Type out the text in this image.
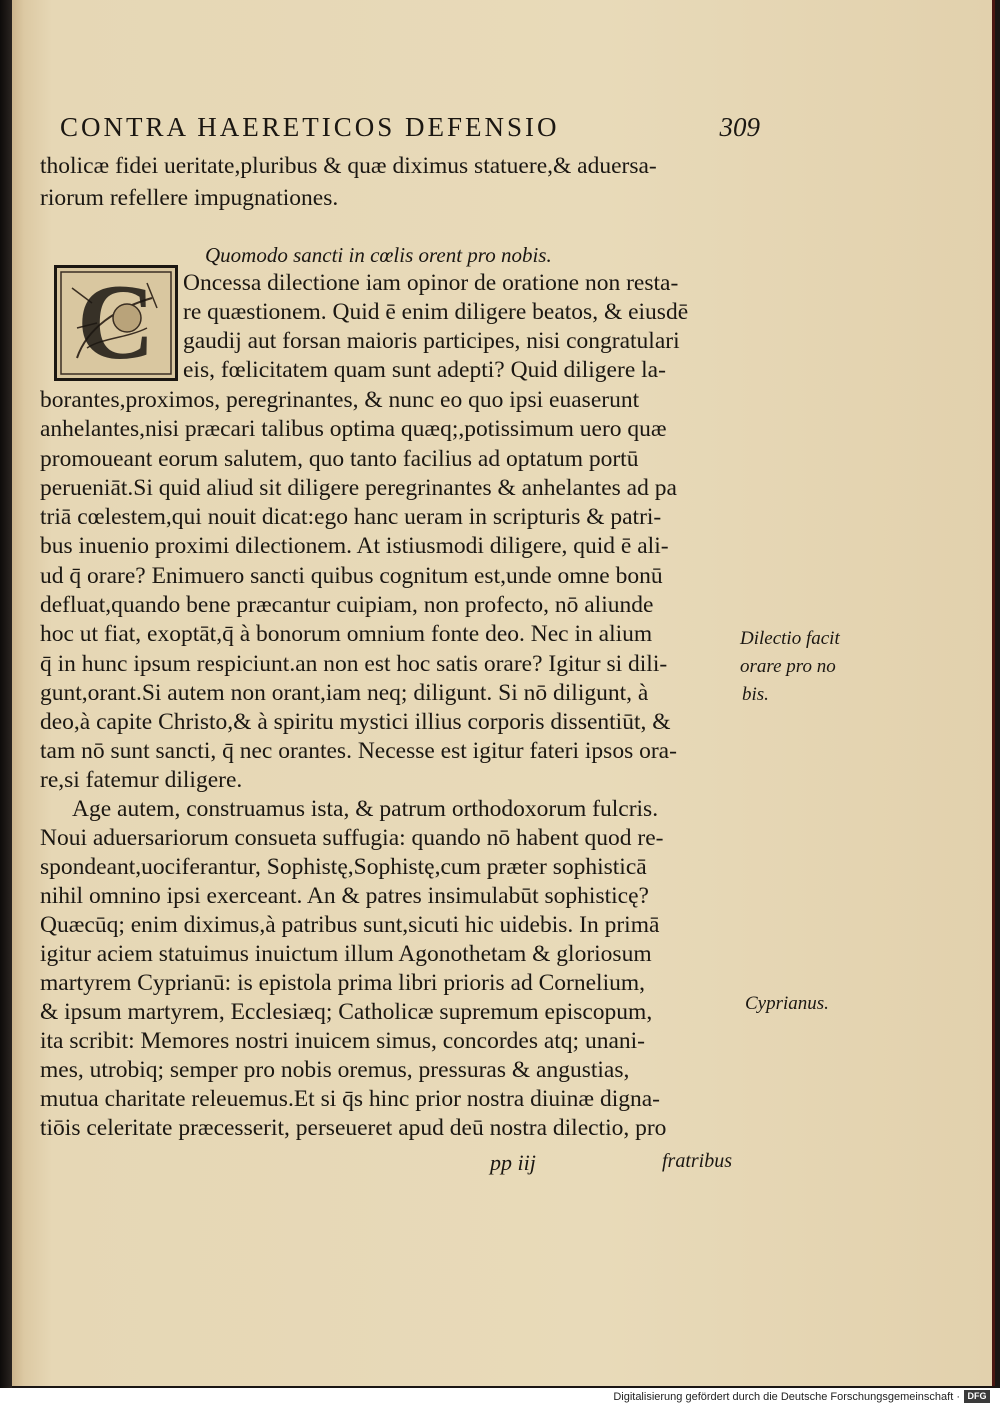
CONTRA HAERETICOS DEFENSIO	309
tholicæ fidei ueritate,pluribus & quæ diximus statuere,& aduersa-
riorum refellere impugnationes.
Quomodo sancti in cœlis orent pro nobis.
C	Oncessa dilectione iam opinor de oratione non resta-
re quæstionem. Quid ē enim diligere beatos, & eiusdē
gaudij aut forsan maioris participes, nisi congratulari
eis, fœlicitatem quam sunt adepti? Quid diligere la-
borantes,proximos, peregrinantes, & nunc eo quo ipsi euaserunt
anhelantes,nisi præcari talibus optima quæq;,potissimum uero quæ
promoueant eorum salutem, quo tanto facilius ad optatum portū
perueniāt.Si quid aliud sit diligere peregrinantes & anhelantes ad pa
triā cœlestem,qui nouit dicat:ego hanc ueram in scripturis & patri-
bus inuenio proximi dilectionem. At istiusmodi diligere, quid ē ali-
ud q̄ orare? Enimuero sancti quibus cognitum est,unde omne bonū
defluat,quando bene præcantur cuipiam, non profecto, nō aliunde
hoc ut fiat, exoptāt,q̄ à bonorum omnium fonte deo. Nec in alium
q̄ in hunc ipsum respiciunt.an non est hoc satis orare? Igitur si dili-
gunt,orant.Si autem non orant,iam neq; diligunt. Si nō diligunt, à
deo,à capite Christo,& à spiritu mystici illius corporis dissentiūt, &
tam nō sunt sancti, q̄ nec orantes. Necesse est igitur fateri ipsos ora-
re,si fatemur diligere.
Age autem, construamus ista, & patrum orthodoxorum fulcris.
Noui aduersariorum consueta suffugia: quando nō habent quod re-
spondeant,uociferantur, Sophistę,Sophistę,cum præter sophisticā
nihil omnino ipsi exerceant. An & patres insimulabūt sophisticę?
Quæcūq; enim diximus,à patribus sunt,sicuti hic uidebis. In primā
igitur aciem statuimus inuictum illum Agonothetam & gloriosum
martyrem Cyprianū: is epistola prima libri prioris ad Cornelium,
& ipsum martyrem, Ecclesiæq; Catholicæ supremum episcopum,
ita scribit: Memores nostri inuicem simus, concordes atq; unani-
mes, utrobiq; semper pro nobis oremus, pressuras & angustias,
mutua charitate releuemus.Et si q̄s hinc prior nostra diuinæ digna-
tiōis celeritate præcesserit, perseueret apud deū nostra dilectio, pro
Dilectio facit
orare pro no
bis.
Cyprianus.
pp iij	fratribus
Digitalisierung gefördert durch die Deutsche Forschungsgemeinschaft · DFG
